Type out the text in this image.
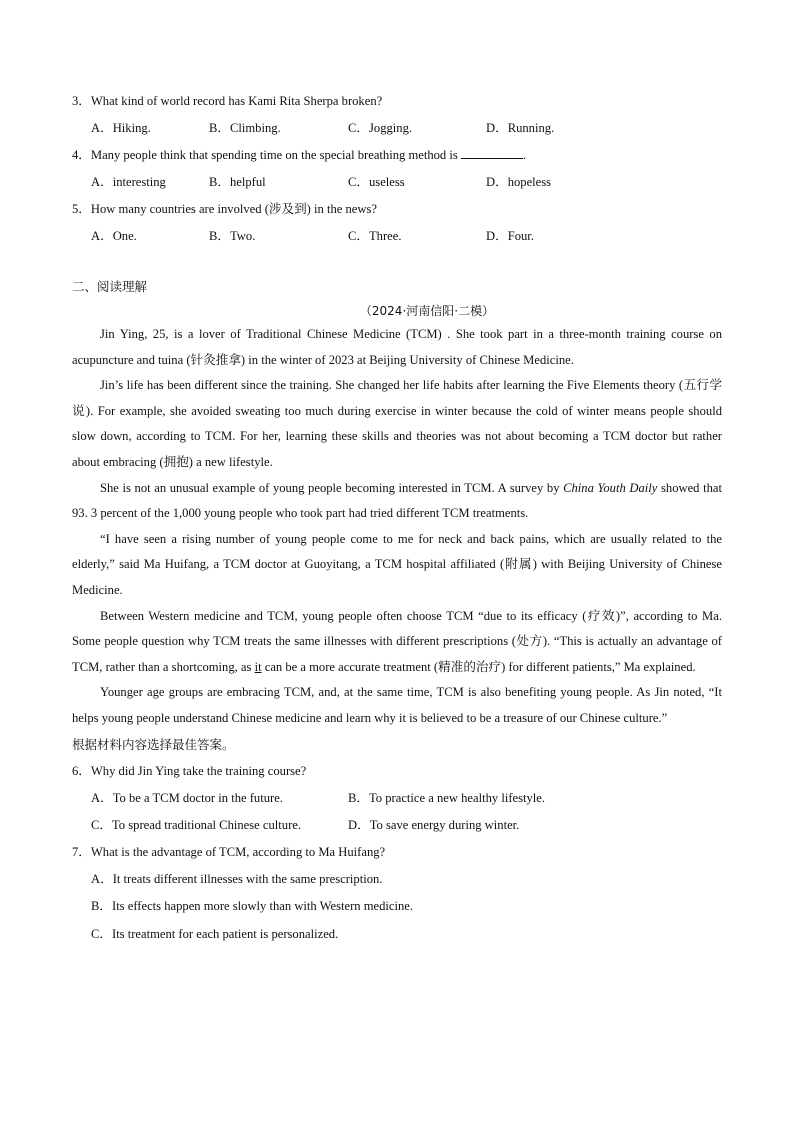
3．What kind of world record has Kami Rita Sherpa broken?
A．Hiking.	B．Climbing.	C．Jogging.	D．Running.
4．Many people think that spending time on the special breathing method is	.
A．interesting	B．helpful	C．useless	D．hopeless
5．How many countries are involved (涉及到) in the news?
A．One.	B．Two.	C．Three.	D．Four.
二、阅读理解
（2024·河南信阳·二模）

Jin Ying, 25, is a lover of Traditional Chinese Medicine (TCM) . She took part in a three-month training course on acupuncture and tuina (针灸推拿) in the winter of 2023 at Beijing University of Chinese Medicine.

Jin’s life has been different since the training. She changed her life habits after learning the Five Elements theory (五行学说). For example, she avoided sweating too much during exercise in winter because the cold of winter means people should slow down, according to TCM. For her, learning these skills and theories was not about becoming a TCM doctor but rather about embracing (拥抱) a new lifestyle.

She is not an unusual example of young people becoming interested in TCM. A survey by China Youth Daily showed that 93. 3 percent of the 1,000 young people who took part had tried different TCM treatments.

“I have seen a rising number of young people come to me for neck and back pains, which are usually related to the elderly,” said Ma Huifang, a TCM doctor at Guoyitang, a TCM hospital affiliated (附属) with Beijing University of Chinese Medicine.

Between Western medicine and TCM, young people often choose TCM “due to its efficacy (疗效)”, according to Ma. Some people question why TCM treats the same illnesses with different prescriptions (处方). “This is actually an advantage of TCM, rather than a shortcoming, as it can be a more accurate treatment (精准的治疗) for different patients,” Ma explained.

Younger age groups are embracing TCM, and, at the same time, TCM is also benefiting young people. As Jin noted, “It helps young people understand Chinese medicine and learn why it is believed to be a treasure of our Chinese culture.”

根据材料内容选择最佳答案。
6．Why did Jin Ying take the training course?
A．To be a TCM doctor in the future.	B．To practice a new healthy lifestyle.
C．To spread traditional Chinese culture.	D．To save energy during winter.
7．What is the advantage of TCM, according to Ma Huifang?
A．It treats different illnesses with the same prescription.
B．Its effects happen more slowly than with Western medicine.
C．Its treatment for each patient is personalized.
